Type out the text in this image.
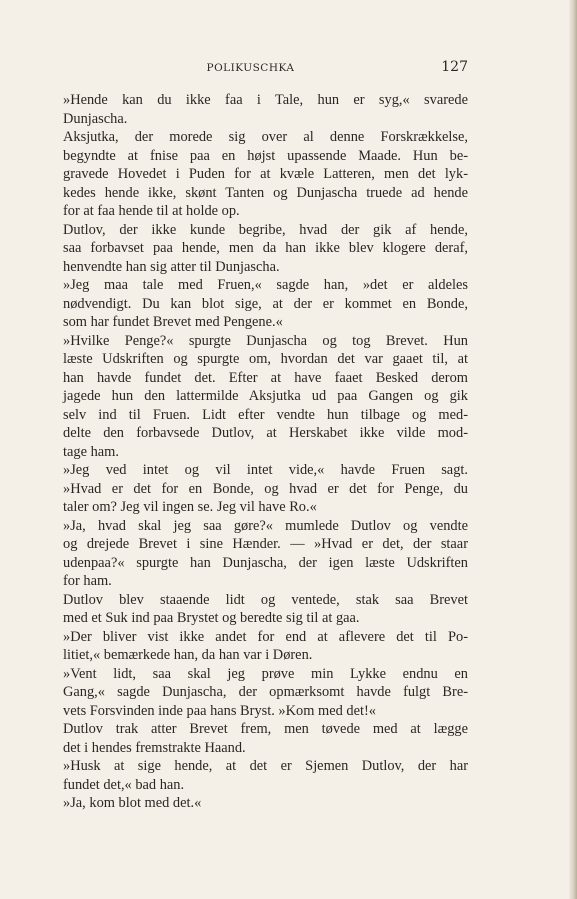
POLIKUSCHKA	127
»Hende kan du ikke faa i Tale, hun er syg,« svarede
Dunjascha.
Aksjutka, der morede sig over al denne Forskrækkelse,
begyndte at fnise paa en højst upassende Maade. Hun be-
gravede Hovedet i Puden for at kvæle Latteren, men det lyk-
kedes hende ikke, skønt Tanten og Dunjascha truede ad hende
for at faa hende til at holde op.
Dutlov, der ikke kunde begribe, hvad der gik af hende,
saa forbavset paa hende, men da han ikke blev klogere deraf,
henvendte han sig atter til Dunjascha.
»Jeg maa tale med Fruen,« sagde han, »det er aldeles
nødvendigt. Du kan blot sige, at der er kommet en Bonde,
som har fundet Brevet med Pengene.«
»Hvilke Penge?« spurgte Dunjascha og tog Brevet. Hun
læste Udskriften og spurgte om, hvordan det var gaaet til, at
han havde fundet det. Efter at have faaet Besked derom
jagede hun den lattermilde Aksjutka ud paa Gangen og gik
selv ind til Fruen. Lidt efter vendte hun tilbage og med-
delte den forbavsede Dutlov, at Herskabet ikke vilde mod-
tage ham.
»Jeg ved intet og vil intet vide,« havde Fruen sagt.
»Hvad er det for en Bonde, og hvad er det for Penge, du
taler om? Jeg vil ingen se. Jeg vil have Ro.«
»Ja, hvad skal jeg saa gøre?« mumlede Dutlov og vendte
og drejede Brevet i sine Hænder. — »Hvad er det, der staar
udenpaa?« spurgte han Dunjascha, der igen læste Udskriften
for ham.
Dutlov blev staaende lidt og ventede, stak saa Brevet
med et Suk ind paa Brystet og beredte sig til at gaa.
»Der bliver vist ikke andet for end at aflevere det til Po-
litiet,« bemærkede han, da han var i Døren.
»Vent lidt, saa skal jeg prøve min Lykke endnu en
Gang,« sagde Dunjascha, der opmærksomt havde fulgt Bre-
vets Forsvinden inde paa hans Bryst. »Kom med det!«
Dutlov trak atter Brevet frem, men tøvede med at lægge
det i hendes fremstrakte Haand.
»Husk at sige hende, at det er Sjemen Dutlov, der har
fundet det,« bad han.
»Ja, kom blot med det.«
